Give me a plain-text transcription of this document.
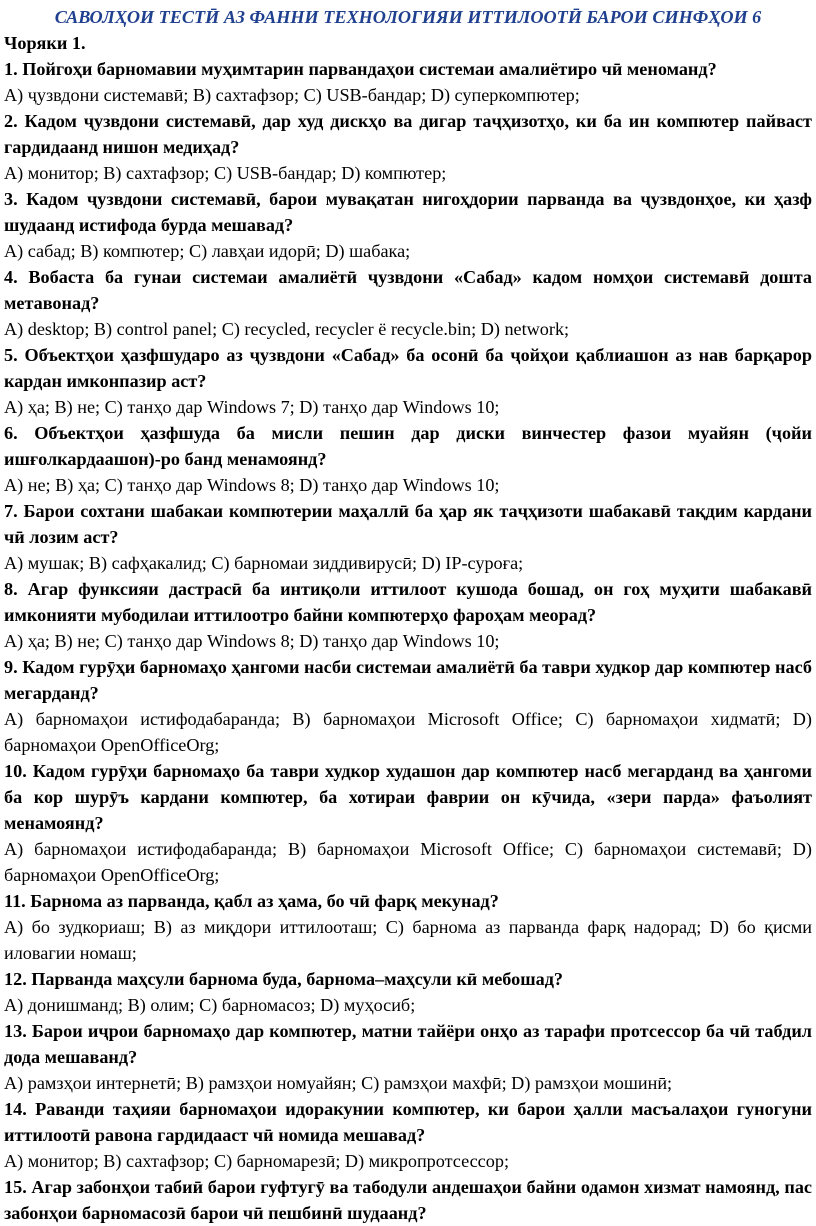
САВОЛҲОИ ТЕСТӢ АЗ ФАННИ ТЕХНОЛОГИЯИ ИТТИЛООТӢ БАРОИ СИНФҲОИ 6

Чоряки 1.

1. Пойгоҳи барномавии муҳимтарин парвандаҳои системаи амалиётиро чӣ меноманд?

А) ҷузвдони системавӣ; B) сахтафзор; C) USB-бандар; D) суперкомпютер;

2. Кадом ҷузвдони системавӣ, дар худ дискҳо ва дигар таҷҳизотҳо, ки ба ин компютер пайваст гардидаанд нишон медиҳад?

А) монитор; B) сахтафзор; C) USB-бандар; D) компютер;

3. Кадом ҷузвдони системавӣ, барои мувақатан нигоҳдории парванда ва ҷузвдонҳое, ки ҳазф шудаанд истифода бурда мешавад?

А) сабад; B) компютер; C) лавҳаи идорӣ; D) шабака;

4. Вобаста ба гунаи системаи амалиётӣ ҷузвдони «Сабад» кадом номҳои системавӣ дошта метавонад?

А) desktop; B) control panel; C) recycled, recycler ё recycle.bin; D) network;

5. Объектҳои ҳазфшударо аз ҷузвдони «Сабад» ба осонӣ ба ҷойҳои қаблиашон аз нав барқарор кардан имконпазир аст?

А) ҳа; B) не; C) танҳо дар Windows 7; D) танҳо дар Windows 10;

6. Объектҳои ҳазфшуда ба мисли пешин дар диски винчестер фазои муайян (ҷойи ишғолкардаашон)-ро банд менамоянд?

А) не; B) ҳа; C) танҳо дар Windows 8; D) танҳо дар Windows 10;

7. Барои сохтани шабакаи компютерии маҳаллӣ ба ҳар як таҷҳизоти шабакавӣ тақдим кардани чӣ лозим аст?

А) мушак; B) сафҳакалид; C) барномаи зиддивирусӣ; D) IP-суроға;

8. Агар функсияи дастрасӣ ба интиқоли иттилоот кушода бошад, он гоҳ муҳити шабакавӣ имконияти мубодилаи иттилоотро байни компютерҳо фароҳам меорад?

А) ҳа; B) не; C) танҳо дар Windows 8; D) танҳо дар Windows 10;

9. Кадом гурӯҳи барномаҳо ҳангоми насби системаи амалиётӣ ба таври худкор дар компютер насб мегарданд?

А) барномаҳои истифодабаранда; B) барномаҳои Microsoft Office; C) барномаҳои хидматӣ; D) барномаҳои OpenOfficeOrg;

10. Кадом гурӯҳи барномаҳо ба таври худкор худашон дар компютер насб мегарданд ва ҳангоми ба кор шурӯъ кардани компютер, ба хотираи фаврии он кӯчида, «зери парда» фаъолият менамоянд?

А) барномаҳои истифодабаранда; B) барномаҳои Microsoft Office; C) барномаҳои системавӣ; D) барномаҳои OpenOfficeOrg;

11. Барнома аз парванда, қабл аз ҳама, бо чӣ фарқ мекунад?

А) бо зудкориаш; B) аз миқдори иттилооташ; C) барнома аз парванда фарқ надорад; D) бо қисми иловагии номаш;

12. Парванда маҳсули барнома буда, барнома–маҳсули кӣ мебошад?

А) донишманд; B) олим; C) барномасоз; D) муҳосиб;

13. Барои иҷрои барномаҳо дар компютер, матни тайёри онҳо аз тарафи протсессор ба чӣ табдил дода мешаванд?

А) рамзҳои интернетӣ; B) рамзҳои номуайян; C) рамзҳои махфӣ; D) рамзҳои мошинӣ;

14. Раванди таҳияи барномаҳои идоракунии компютер, ки барои ҳалли масъалаҳои гуногуни иттилоотӣ равона гардидааст чӣ номида мешавад?

А) монитор; B) сахтафзор; C) барномарезӣ; D) микропротсессор;

15. Агар забонҳои табиӣ барои гуфтугӯ ва табодули андешаҳои байни одамон хизмат намоянд, пас забонҳои барномасозӣ барои чӣ пешбинӣ шудаанд?
